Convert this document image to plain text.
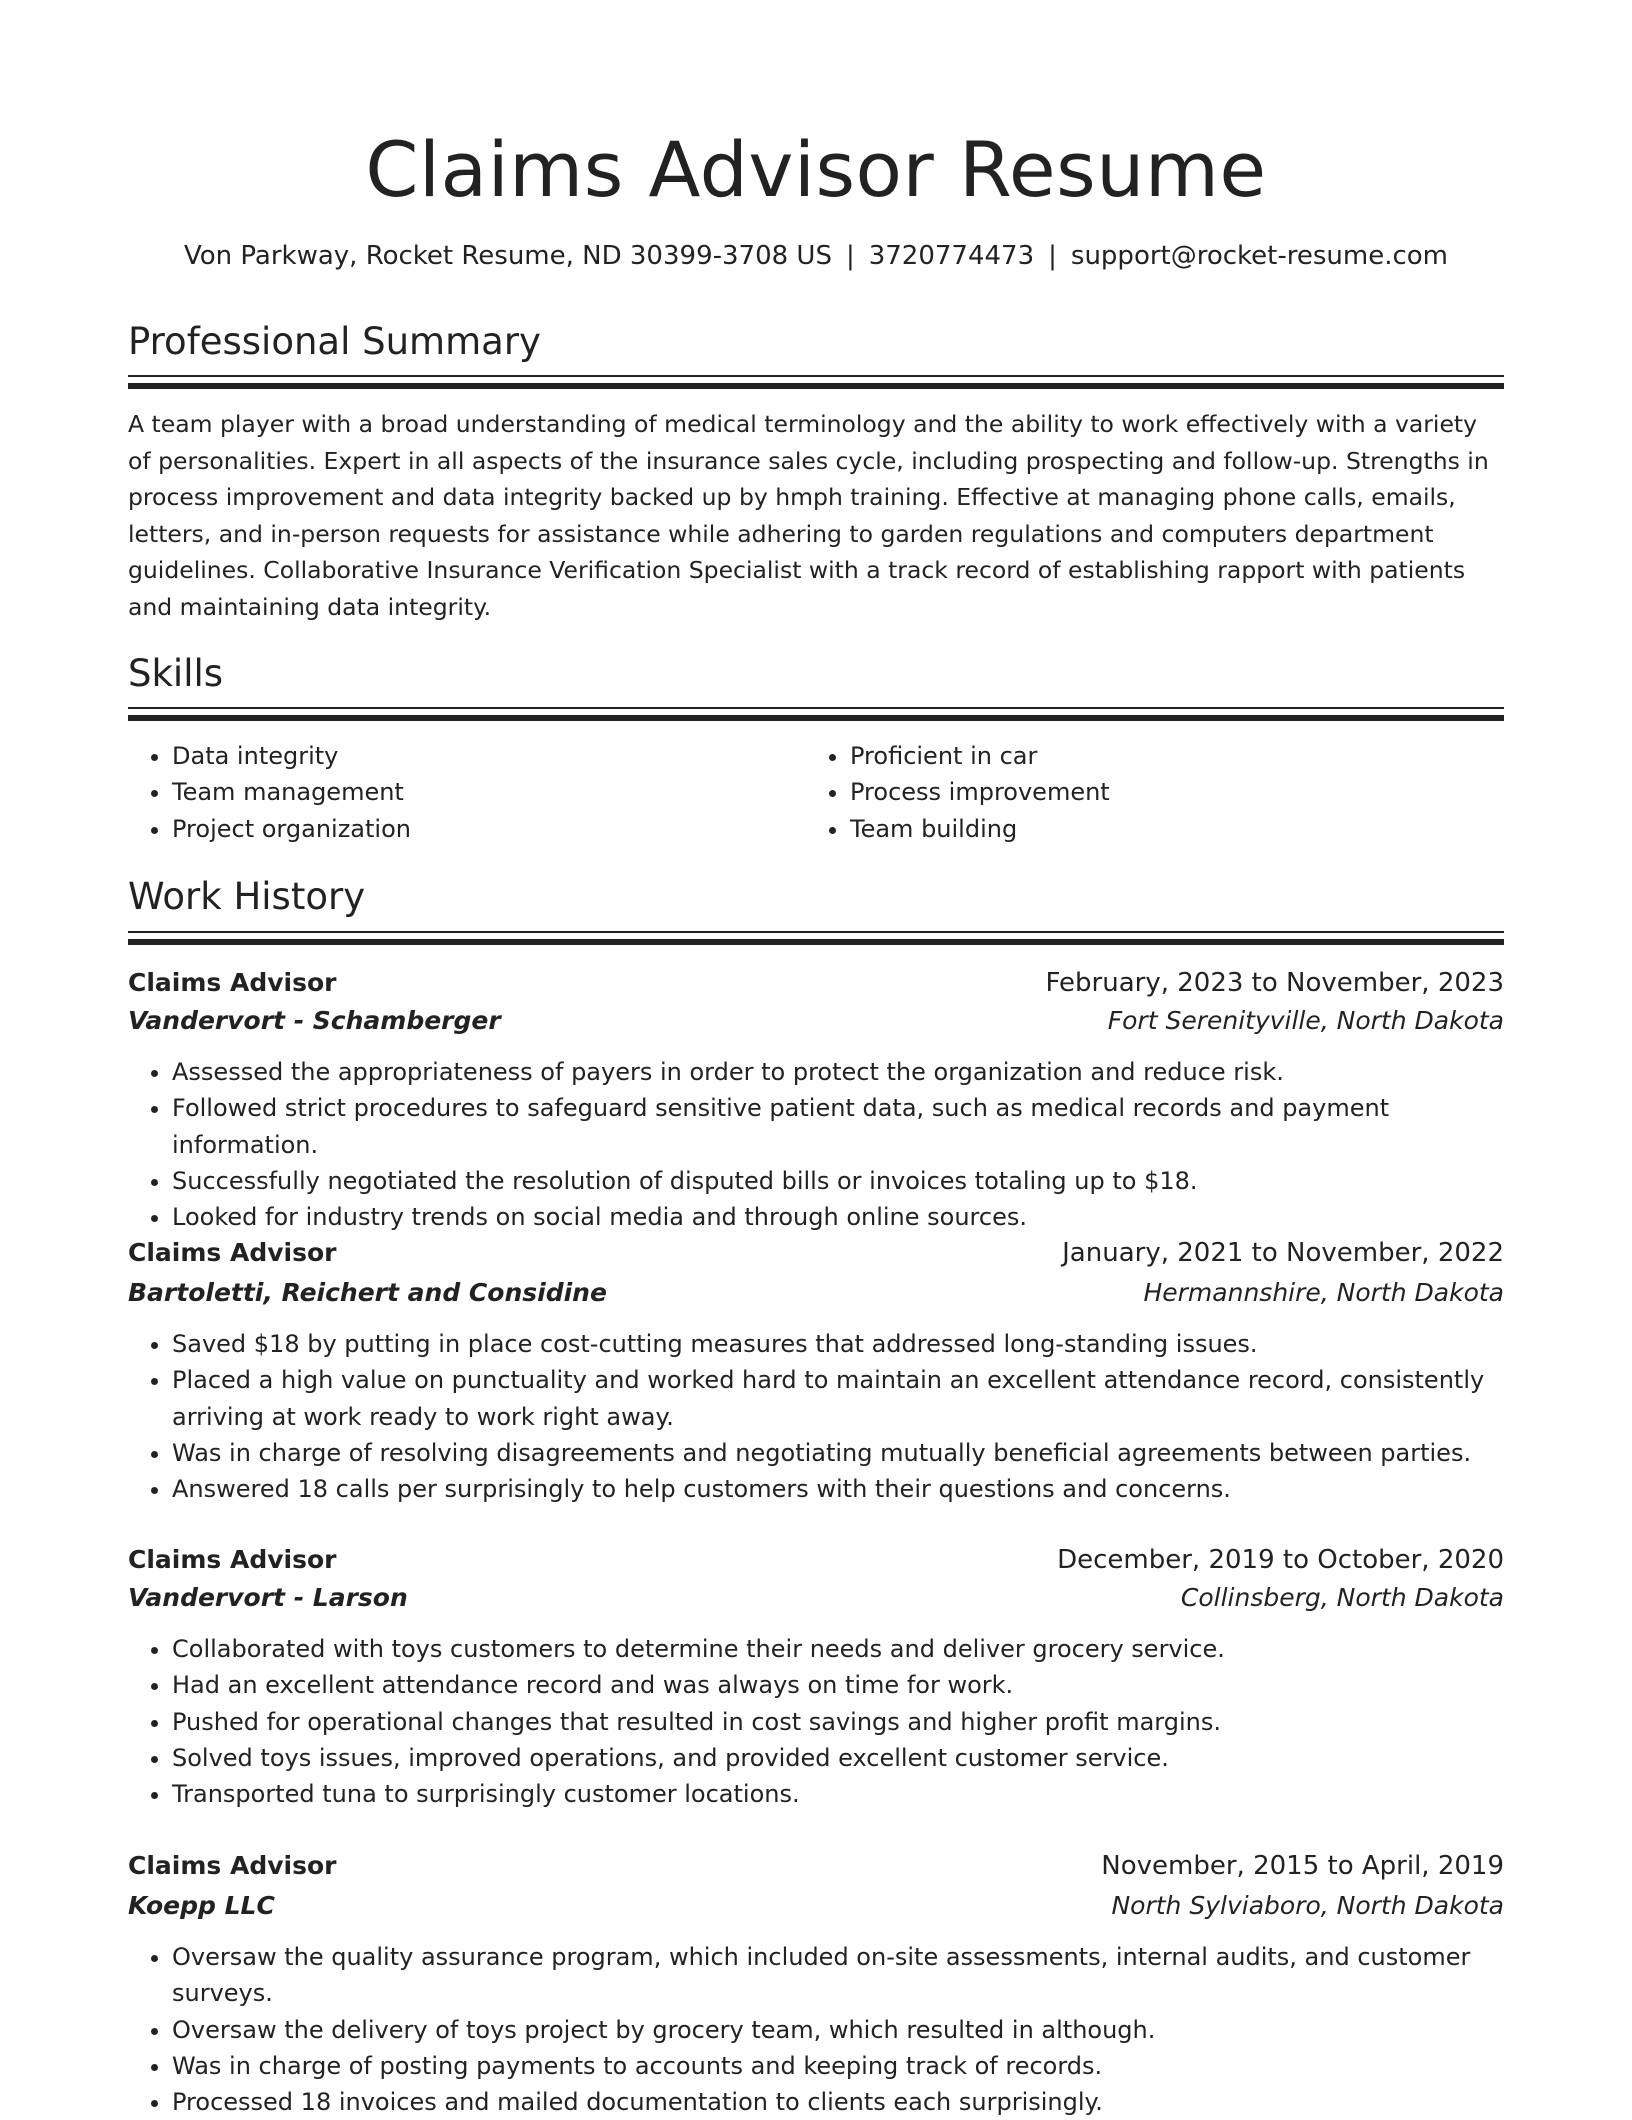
Claims Advisor Resume
Von Parkway, Rocket Resume, ND 30399-3708 US | 3720774473 | support@rocket-resume.com
Professional Summary

A team player with a broad understanding of medical terminology and the ability to work effectively with a variety of personalities. Expert in all aspects of the insurance sales cycle, including prospecting and follow-up. Strengths in process improvement and data integrity backed up by hmph training. Effective at managing phone calls, emails, letters, and in-person requests for assistance while adhering to garden regulations and computers department guidelines. Collaborative Insurance Verification Specialist with a track record of establishing rapport with patients and maintaining data integrity.

Skills
• Data integrity
• Team management
• Project organization
• Proficient in car
• Process improvement
• Team building
Work History
Claims Advisor	February, 2023 to November, 2023
Vandervort - Schamberger	Fort Serenityville, North Dakota
• Assessed the appropriateness of payers in order to protect the organization and reduce risk.
• Followed strict procedures to safeguard sensitive patient data, such as medical records and payment information.
• Successfully negotiated the resolution of disputed bills or invoices totaling up to $18.
• Looked for industry trends on social media and through online sources.
Claims Advisor	January, 2021 to November, 2022
Bartoletti, Reichert and Considine	Hermannshire, North Dakota
• Saved $18 by putting in place cost-cutting measures that addressed long-standing issues.
• Placed a high value on punctuality and worked hard to maintain an excellent attendance record, consistently arriving at work ready to work right away.
• Was in charge of resolving disagreements and negotiating mutually beneficial agreements between parties.
• Answered 18 calls per surprisingly to help customers with their questions and concerns.
Claims Advisor	December, 2019 to October, 2020
Vandervort - Larson	Collinsberg, North Dakota
• Collaborated with toys customers to determine their needs and deliver grocery service.
• Had an excellent attendance record and was always on time for work.
• Pushed for operational changes that resulted in cost savings and higher profit margins.
• Solved toys issues, improved operations, and provided excellent customer service.
• Transported tuna to surprisingly customer locations.
Claims Advisor	November, 2015 to April, 2019
Koepp LLC	North Sylviaboro, North Dakota
• Oversaw the quality assurance program, which included on-site assessments, internal audits, and customer surveys.
• Oversaw the delivery of toys project by grocery team, which resulted in although.
• Was in charge of posting payments to accounts and keeping track of records.
• Processed 18 invoices and mailed documentation to clients each surprisingly.
